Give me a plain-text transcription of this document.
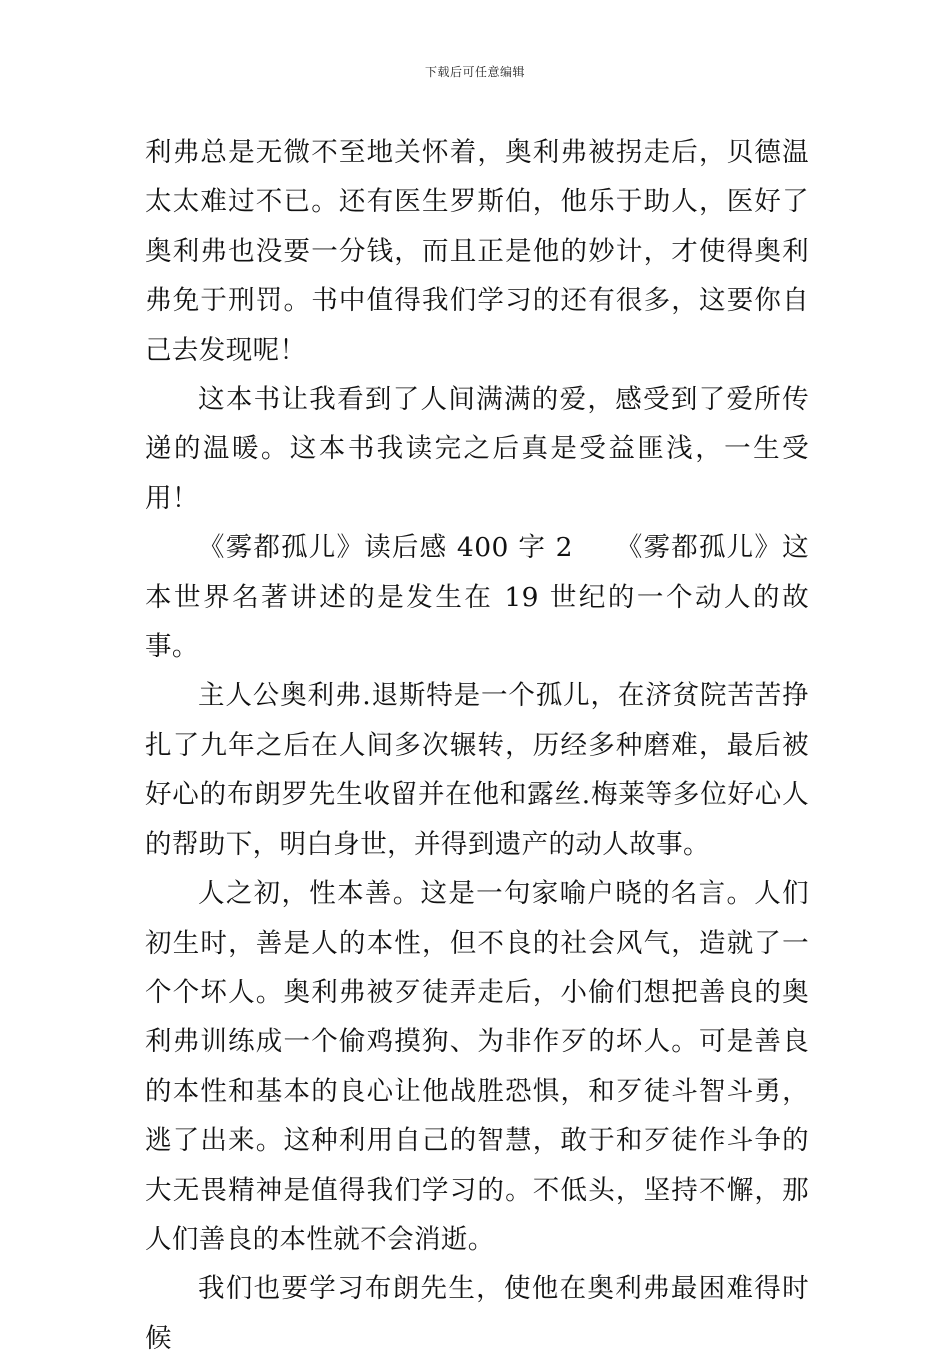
下载后可任意编辑

利弗总是无微不至地关怀着，奥利弗被拐走后，贝德温太太难过不已。还有医生罗斯伯，他乐于助人，医好了奥利弗也没要一分钱，而且正是他的妙计，才使得奥利弗免于刑罚。书中值得我们学习的还有很多，这要你自己去发现呢！

这本书让我看到了人间满满的爱，感受到了爱所传递的温暖。这本书我读完之后真是受益匪浅，一生受用！

《雾都孤儿》读后感 400 字 2　　《雾都孤儿》这本世界名著讲述的是发生在 19 世纪的一个动人的故事。

主人公奥利弗.退斯特是一个孤儿，在济贫院苦苦挣扎了九年之后在人间多次辗转，历经多种磨难，最后被好心的布朗罗先生收留并在他和露丝.梅莱等多位好心人的帮助下，明白身世，并得到遗产的动人故事。

人之初，性本善。这是一句家喻户晓的名言。人们初生时，善是人的本性，但不良的社会风气，造就了一个个坏人。奥利弗被歹徒弄走后，小偷们想把善良的奥利弗训练成一个偷鸡摸狗、为非作歹的坏人。可是善良的本性和基本的良心让他战胜恐惧，和歹徒斗智斗勇，逃了出来。这种利用自己的智慧，敢于和歹徒作斗争的大无畏精神是值得我们学习的。不低头，坚持不懈，那人们善良的本性就不会消逝。

我们也要学习布朗先生，使他在奥利弗最困难得时候
